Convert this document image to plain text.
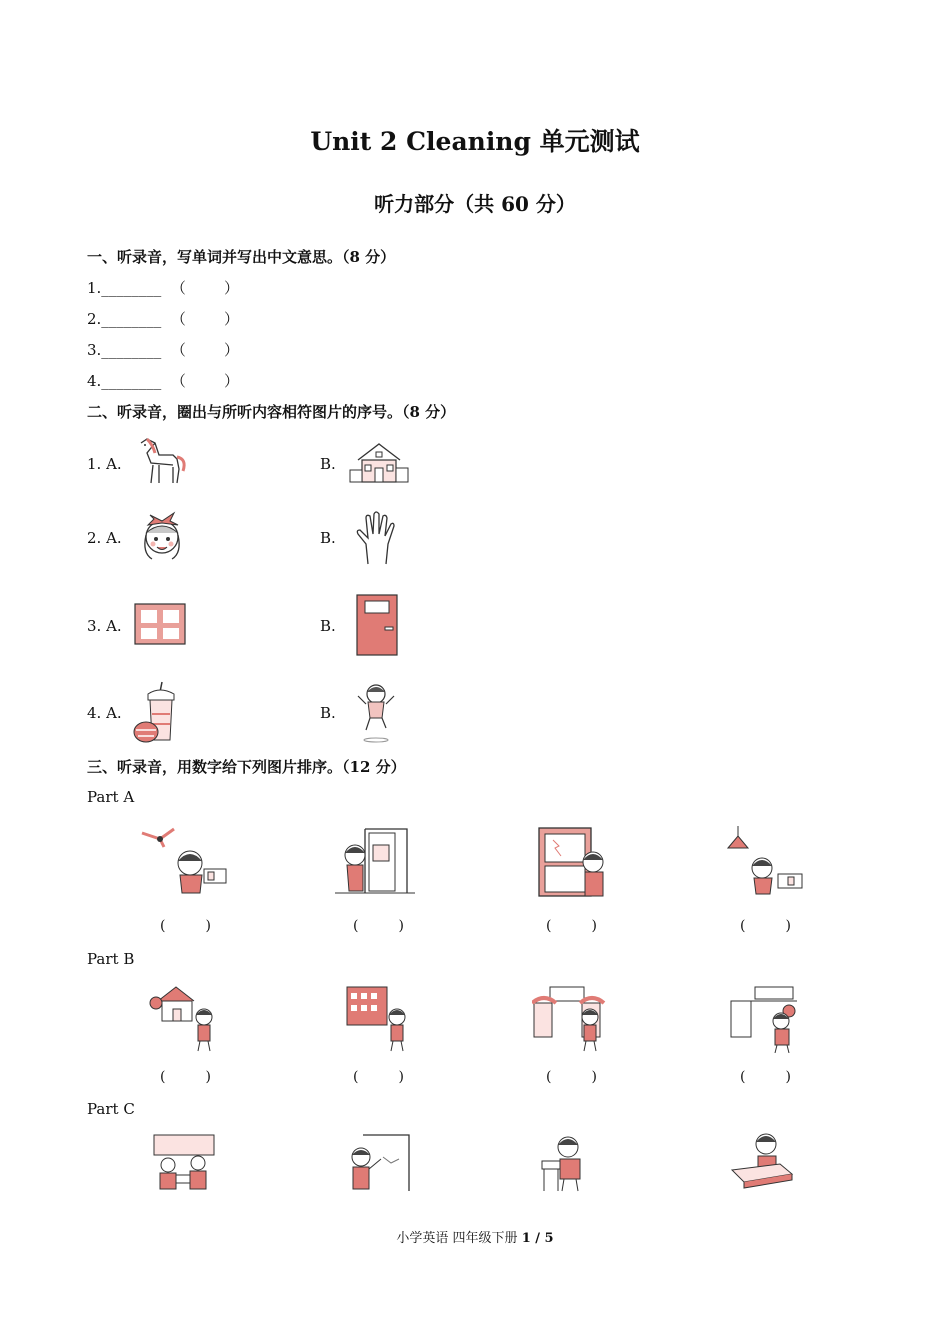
Unit 2 Cleaning 单元测试
听力部分（共 60 分）
一、听录音，写单词并写出中文意思。（8 分）
1.________  （        ）
2.________  （        ）
3.________  （        ）
4.________  （        ）
二、听录音，圈出与所听内容相符图片的序号。（8 分）
1. A.	B.
2. A.	B.
3. A.	B.
4. A.	B.
三、听录音，用数字给下列图片排序。（12 分）
Part A
(         )	(         )	(         )	(         )
Part B
(         )	(         )	(         )	(         )
Part C
小学英语 四年级下册 1 / 5
